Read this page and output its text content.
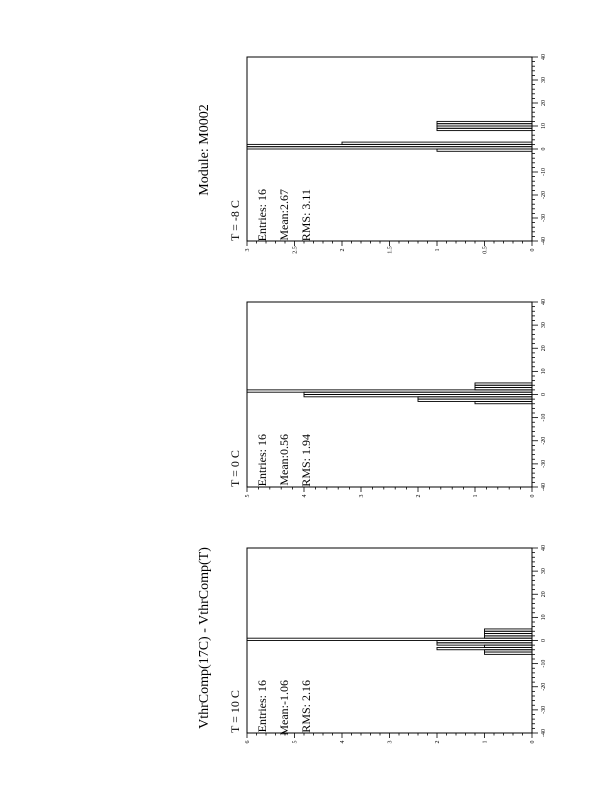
Module: M0002
VthrComp(17C) - VthrComp(T)
-40
-30
-20
-10
0
10
20
30
40
0
0.5
1
1.5
2
2.5
3
T = -8 C Entries: 16 Mean:2.67 RMS: 3.11
-40
-30
-20
-10
0
10
20
30
40
0
1
2
3
4
5
T = 0 C Entries: 16 Mean:0.56 RMS: 1.94
-40
-30
-20
-10
0
10
20
30
40
0
1
2
3
4
5
6
T = 10 C Entries: 16 Mean:-1.06 RMS: 2.16
